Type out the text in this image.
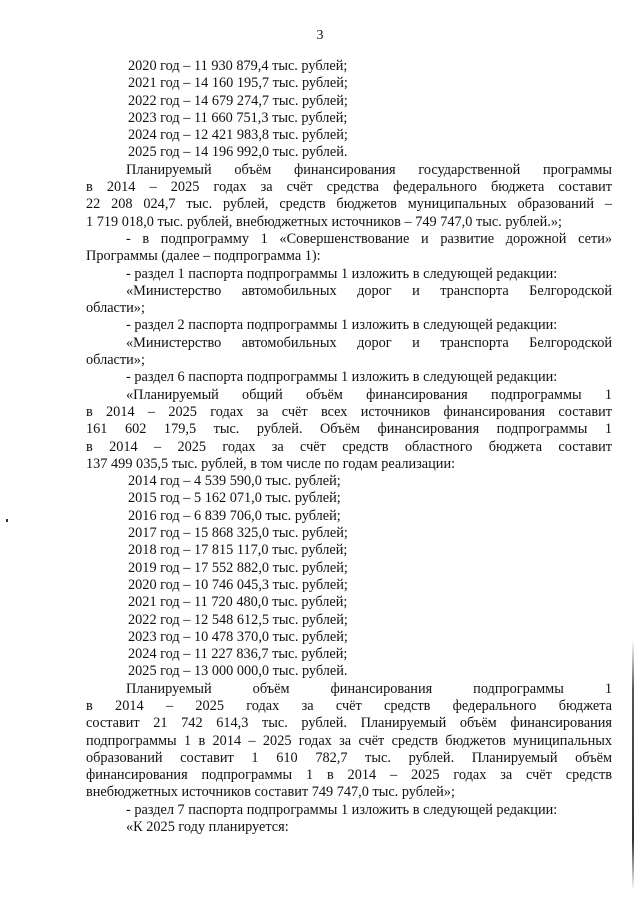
3
2020 год – 11 930 879,4 тыс. рублей;
2021 год – 14 160 195,7 тыс. рублей;
2022 год – 14 679 274,7 тыс. рублей;
2023 год – 11 660 751,3 тыс. рублей;
2024 год – 12 421 983,8 тыс. рублей;
2025 год – 14 196 992,0 тыс. рублей.
Планируемый объём финансирования государственной программы
в 2014 – 2025 годах за счёт средства федерального бюджета составит
22 208 024,7 тыс. рублей, средств бюджетов муниципальных образований –
1 719 018,0 тыс. рублей, внебюджетных источников – 749 747,0 тыс. рублей.»;
- в подпрограмму 1 «Совершенствование и развитие дорожной сети»
Программы (далее – подпрограмма 1):
- раздел 1 паспорта подпрограммы 1 изложить в следующей редакции:
«Министерство автомобильных дорог и транспорта Белгородской
области»;
- раздел 2 паспорта подпрограммы 1 изложить в следующей редакции:
«Министерство автомобильных дорог и транспорта Белгородской
области»;
- раздел 6 паспорта подпрограммы 1 изложить в следующей редакции:
«Планируемый общий объём финансирования подпрограммы 1
в 2014 – 2025 годах за счёт всех источников финансирования составит
161 602 179,5 тыс. рублей. Объём финансирования подпрограммы 1
в 2014 – 2025 годах за счёт средств областного бюджета составит
137 499 035,5 тыс. рублей, в том числе по годам реализации:
2014 год – 4 539 590,0 тыс. рублей;
2015 год – 5 162 071,0 тыс. рублей;
2016 год – 6 839 706,0 тыс. рублей;
2017 год – 15 868 325,0 тыс. рублей;
2018 год – 17 815 117,0 тыс. рублей;
2019 год – 17 552 882,0 тыс. рублей;
2020 год – 10 746 045,3 тыс. рублей;
2021 год – 11 720 480,0 тыс. рублей;
2022 год – 12 548 612,5 тыс. рублей;
2023 год – 10 478 370,0 тыс. рублей;
2024 год – 11 227 836,7 тыс. рублей;
2025 год – 13 000 000,0 тыс. рублей.
Планируемый объём финансирования подпрограммы 1
в 2014 – 2025 годах за счёт средств федерального бюджета
составит 21 742 614,3 тыс. рублей. Планируемый объём финансирования
подпрограммы 1 в 2014 – 2025 годах за счёт средств бюджетов муниципальных
образований составит 1 610 782,7 тыс. рублей. Планируемый объём
финансирования подпрограммы 1 в 2014 – 2025 годах за счёт средств
внебюджетных источников составит 749 747,0 тыс. рублей»;
- раздел 7 паспорта подпрограммы 1 изложить в следующей редакции:
«К 2025 году планируется:
